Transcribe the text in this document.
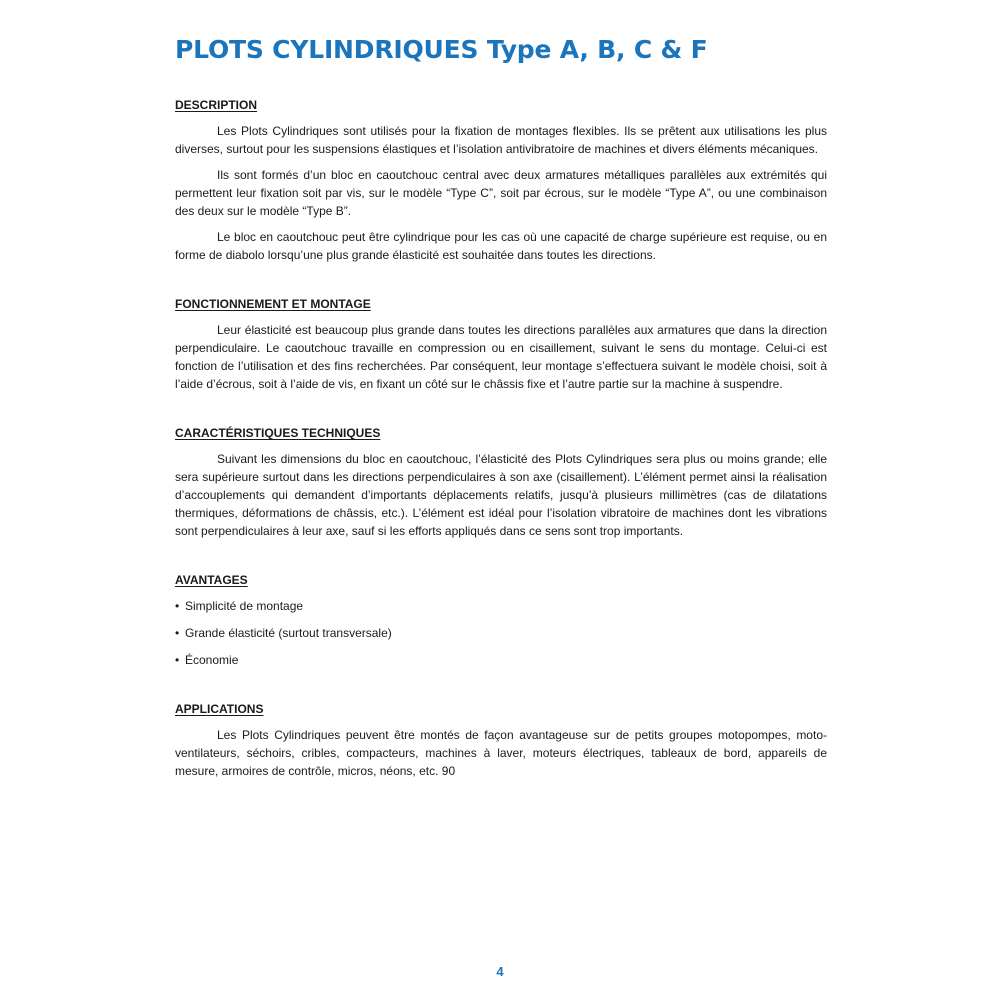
PLOTS CYLINDRIQUES Type A, B, C & F
DESCRIPTION

Les Plots Cylindriques sont utilisés pour la fixation de montages flexibles. Ils se prêtent aux utilisations les plus diverses, surtout pour les suspensions élastiques et l’isolation antivibratoire de machines et divers éléments mécaniques.

Ils sont formés d’un bloc en caoutchouc central avec deux armatures métalliques parallèles aux extrémités qui permettent leur fixation soit par vis, sur le modèle “Type C”, soit par écrous, sur le modèle “Type A”, ou une combinaison des deux sur le modèle “Type B”.

Le bloc en caoutchouc peut être cylindrique pour les cas où une capacité de charge supérieure est requise, ou en forme de diabolo lorsqu’une plus grande élasticité est souhaitée dans toutes les directions.

FONCTIONNEMENT ET MONTAGE

Leur élasticité est beaucoup plus grande dans toutes les directions parallèles aux armatures que dans la direction perpendiculaire. Le caoutchouc travaille en compression ou en cisaillement, suivant le sens du montage. Celui-ci est fonction de l’utilisation et des fins recherchées. Par conséquent, leur montage s’effectuera suivant le modèle choisi, soit à l’aide d’écrous, soit à l’aide de vis, en fixant un côté sur le châssis fixe et l’autre partie sur la machine à suspendre.

CARACTÉRISTIQUES TECHNIQUES

Suivant les dimensions du bloc en caoutchouc, l’élasticité des Plots Cylindriques sera plus ou moins grande; elle sera supérieure surtout dans les directions perpendiculaires à son axe (cisaillement). L’élément permet ainsi la réalisation d’accouplements qui demandent d’importants déplacements relatifs, jusqu’à plusieurs millimètres (cas de dilatations thermiques, déformations de châssis, etc.). L’élément est idéal pour l’isolation vibratoire de machines dont les vibrations sont perpendiculaires à leur axe, sauf si les efforts appliqués dans ce sens sont trop importants.

AVANTAGES
• Simplicité de montage
• Grande élasticité (surtout transversale)
• Économie
APPLICATIONS

Les Plots Cylindriques peuvent être montés de façon avantageuse sur de petits groupes motopompes, moto-ventilateurs, séchoirs, cribles, compacteurs, machines à laver, moteurs électriques, tableaux de bord, appareils de mesure, armoires de contrôle, micros, néons, etc. 90

4
